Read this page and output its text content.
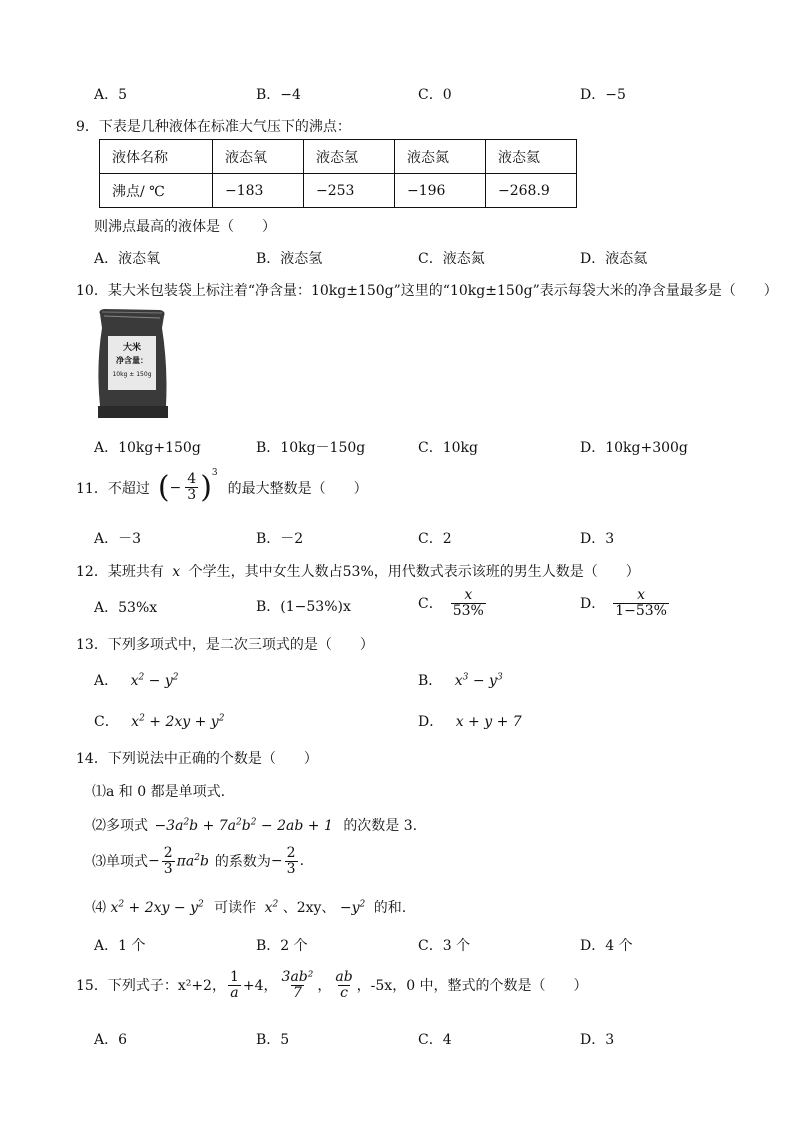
A．5	B．−4	C．0	D．−5
9．下表是几种液体在标准大气压下的沸点：
液体名称	液态氧	液态氢	液态氮	液态氦
沸点/ ℃	−183	−253	−196	−268.9
则沸点最高的液体是（　　）
A．液态氧	B．液态氢	C．液态氮	D．液态氦
10．某大米包装袋上标注着“净含量：10kg±150g”这里的“10kg±150g”表示每袋大米的净含量最多是（　　）
大米
净含量：
10kg ± 150g
A．10kg+150g	B．10kg－150g	C．10kg	D．10kg+300g
11．不超过 ( − $\frac{4}{3} )^3$
的最大整数是（　　）
A．－3	B．－2	C．2	D．3
12．某班共有 x 个学生，其中女生人数占53%，用代数式表示该班的男生人数是（　　）
A．53%x	B．(1−53%)x	C． $\frac{x}{53\%}$	D． $\frac{x}{1-53\%}$
13．下列多项式中，是二次三项式的是（　　）
A． $x^2 - y^2$	B． $x^3 - y^3$
C． $x^2 + 2xy + y^2$	D． x + y + 7
14．下列说法中正确的个数是（　　）
⑴a 和 0 都是单项式.
⑵多项式 $-3a^2b + 7a^2b^2 - 2ab + 1$ 的次数是 3.
⑶单项式 − $\frac{2}{3} \pi a^2b$ 的系数为 − $\frac{2}{3}$ .
⑷ $x^2 + 2xy - y^2$ 可读作 $x^2$ 、2xy、 $-y^2$ 的和.
A．1 个	B．2 个	C．3 个	D．4 个
15．下列式子：x²+2， $\frac{1}{a} +4$， $\frac{\text{3ab²}}{7}$ ， $\frac{ab}{c}$ ，-5x，0 中，整式的个数是（　　）
A．6	B．5	C．4	D．3
